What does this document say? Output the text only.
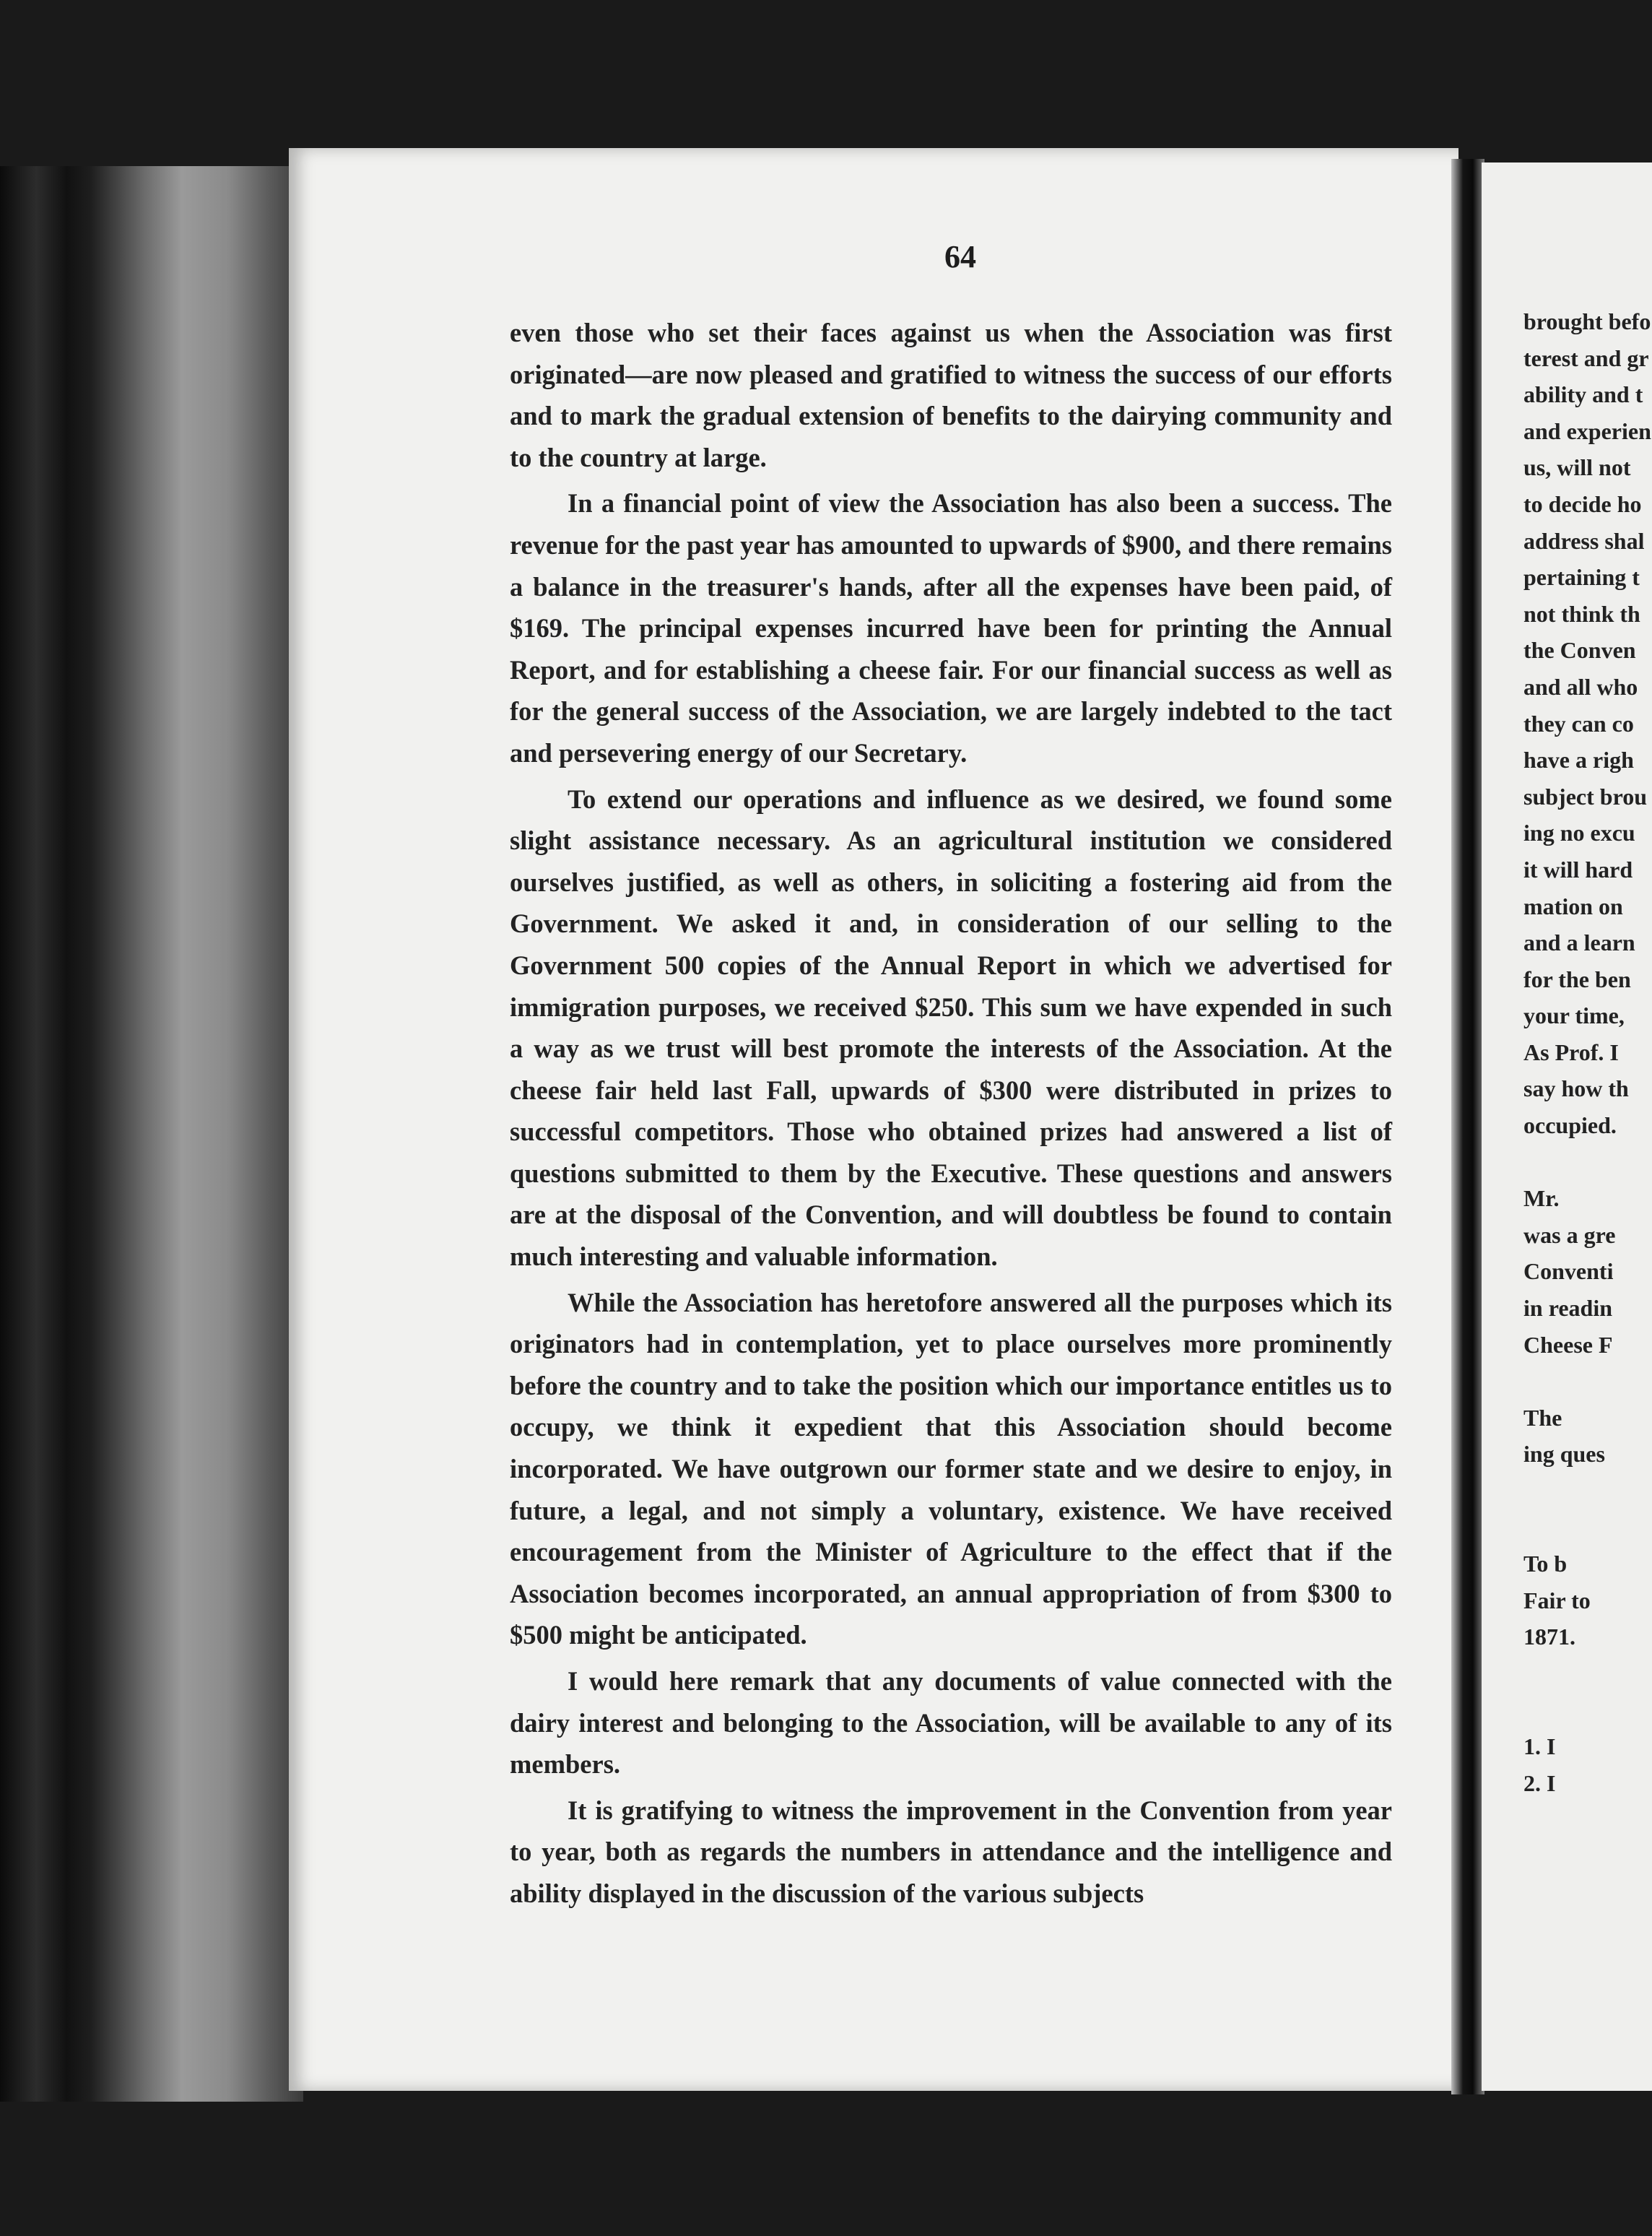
64

even those who set their faces against us when the Association was first originated—are now pleased and gratified to witness the success of our efforts and to mark the gradual extension of benefits to the dairying community and to the country at large.

In a financial point of view the Association has also been a success. The revenue for the past year has amounted to upwards of $900, and there remains a balance in the treasurer's hands, after all the expenses have been paid, of $169. The principal expenses incurred have been for printing the Annual Report, and for establishing a cheese fair. For our financial success as well as for the general success of the Association, we are largely indebted to the tact and persevering energy of our Secretary.

To extend our operations and influence as we desired, we found some slight assistance necessary. As an agricultural institution we considered ourselves justified, as well as others, in soliciting a fostering aid from the Government. We asked it and, in consideration of our selling to the Government 500 copies of the Annual Report in which we advertised for immigration purposes, we received $250. This sum we have expended in such a way as we trust will best promote the interests of the Association. At the cheese fair held last Fall, upwards of $300 were distributed in prizes to successful competitors. Those who obtained prizes had answered a list of questions submitted to them by the Executive. These questions and answers are at the disposal of the Convention, and will doubtless be found to contain much interesting and valuable information.

While the Association has heretofore answered all the purposes which its originators had in contemplation, yet to place ourselves more prominently before the country and to take the position which our importance entitles us to occupy, we think it expedient that this Association should become incorporated. We have outgrown our former state and we desire to enjoy, in future, a legal, and not simply a voluntary, existence. We have received encouragement from the Minister of Agriculture to the effect that if the Association becomes incorporated, an annual appropriation of from $300 to $500 might be anticipated.

I would here remark that any documents of value connected with the dairy interest and belonging to the Association, will be available to any of its members.

It is gratifying to witness the improvement in the Convention from year to year, both as regards the numbers in attendance and the intelligence and ability displayed in the discussion of the various subjects

brought befo
terest and gr
ability and t
and experien
us, will not
to decide ho
address shal
pertaining t
not think th
the Conven
and all who
they can co
have a righ
subject brou
ing no excu
it will hard
mation on
and a learn
for the ben
your time,
As Prof. I
say how th
occupied.
Mr.
was a gre
Conventi
in readin
Cheese F
The
ing ques
To b
Fair to
1871.
1. I
2. I
